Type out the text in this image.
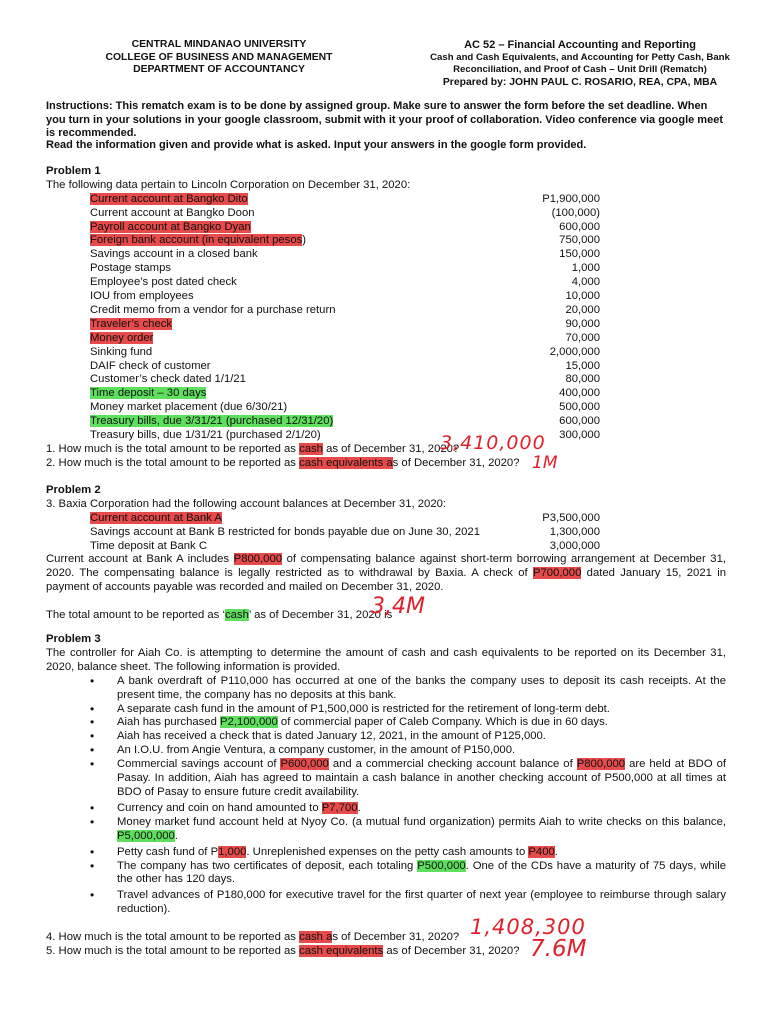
CENTRAL MINDANAO UNIVERSITY
COLLEGE OF BUSINESS AND MANAGEMENT
DEPARTMENT OF ACCOUNTANCY
AC 52 – Financial Accounting and Reporting
Cash and Cash Equivalents, and Accounting for Petty Cash, Bank
Reconciliation, and Proof of Cash – Unit Drill (Rematch)
Prepared by: JOHN PAUL C. ROSARIO, REA, CPA, MBA
Instructions: This rematch exam is to be done by assigned group. Make sure to answer the form before the set deadline. When you turn in your solutions in your google classroom, submit with it your proof of collaboration. Video conference via google meet is recommended.
Read the information given and provide what is asked. Input your answers in the google form provided.
Problem 1
The following data pertain to Lincoln Corporation on December 31, 2020:
Current account at Bangko Dito	P1,900,000
Current account at Bangko Doon	(100,000)
Payroll account at Bangko Dyan	600,000
Foreign bank account (in equivalent pesos)	750,000
Savings account in a closed bank	150,000
Postage stamps	1,000
Employee’s post dated check	4,000
IOU from employees	10,000
Credit memo from a vendor for a purchase return	20,000
Traveler’s check	90,000
Money order	70,000
Sinking fund	2,000,000
DAIF check of customer	15,000
Customer’s check dated 1/1/21	80,000
Time deposit – 30 days	400,000
Money market placement (due 6/30/21)	500,000
Treasury bills, due 3/31/21 (purchased 12/31/20)	600,000
Treasury bills, due 1/31/21 (purchased 2/1/20)	300,000
1. How much is the total amount to be reported as cash as of December 31, 2020?
3,410,000
2. How much is the total amount to be reported as cash equivalents as of December 31, 2020? 1M
Problem 2
3. Baxia Corporation had the following account balances at December 31, 2020:
Current account at Bank A	P3,500,000
Savings account at Bank B restricted for bonds payable due on June 30, 2021	1,300,000
Time deposit at Bank C	3,000,000
Current account at Bank A includes P800,000 of compensating balance against short-term borrowing arrangement at December 31, 2020. The compensating balance is legally restricted as to withdrawal by Baxia. A check of P700,000 dated January 15, 2021 in payment of accounts payable was recorded and mailed on December 31, 2020.
The total amount to be reported as ‘cash’ as of December 31, 2020 is
3,4M
Problem 3
The controller for Aiah Co. is attempting to determine the amount of cash and cash equivalents to be reported on its December 31, 2020, balance sheet. The following information is provided.
• A bank overdraft of P110,000 has occurred at one of the banks the company uses to deposit its cash receipts. At the present time, the company has no deposits at this bank.
• A separate cash fund in the amount of P1,500,000 is restricted for the retirement of long-term debt.
• Aiah has purchased P2,100,000 of commercial paper of Caleb Company. Which is due in 60 days.
• Aiah has received a check that is dated January 12, 2021, in the amount of P125,000.
• An I.O.U. from Angie Ventura, a company customer, in the amount of P150,000.
• Commercial savings account of P600,000 and a commercial checking account balance of P800,000 are held at BDO of Pasay. In addition, Aiah has agreed to maintain a cash balance in another checking account of P500,000 at all times at BDO of Pasay to ensure future credit availability.
• Currency and coin on hand amounted to P7,700.
• Money market fund account held at Nyoy Co. (a mutual fund organization) permits Aiah to write checks on this balance, P5,000,000.
• Petty cash fund of P1,000. Unreplenished expenses on the petty cash amounts to P400.
• The company has two certificates of deposit, each totaling P500,000. One of the CDs have a maturity of 75 days, while the other has 120 days.
• Travel advances of P180,000 for executive travel for the first quarter of next year (employee to reimburse through salary reduction).
4. How much is the total amount to be reported as cash as of December 31, 2020? 1,408,300
5. How much is the total amount to be reported as cash equivalents as of December 31, 2020? 7.6M
